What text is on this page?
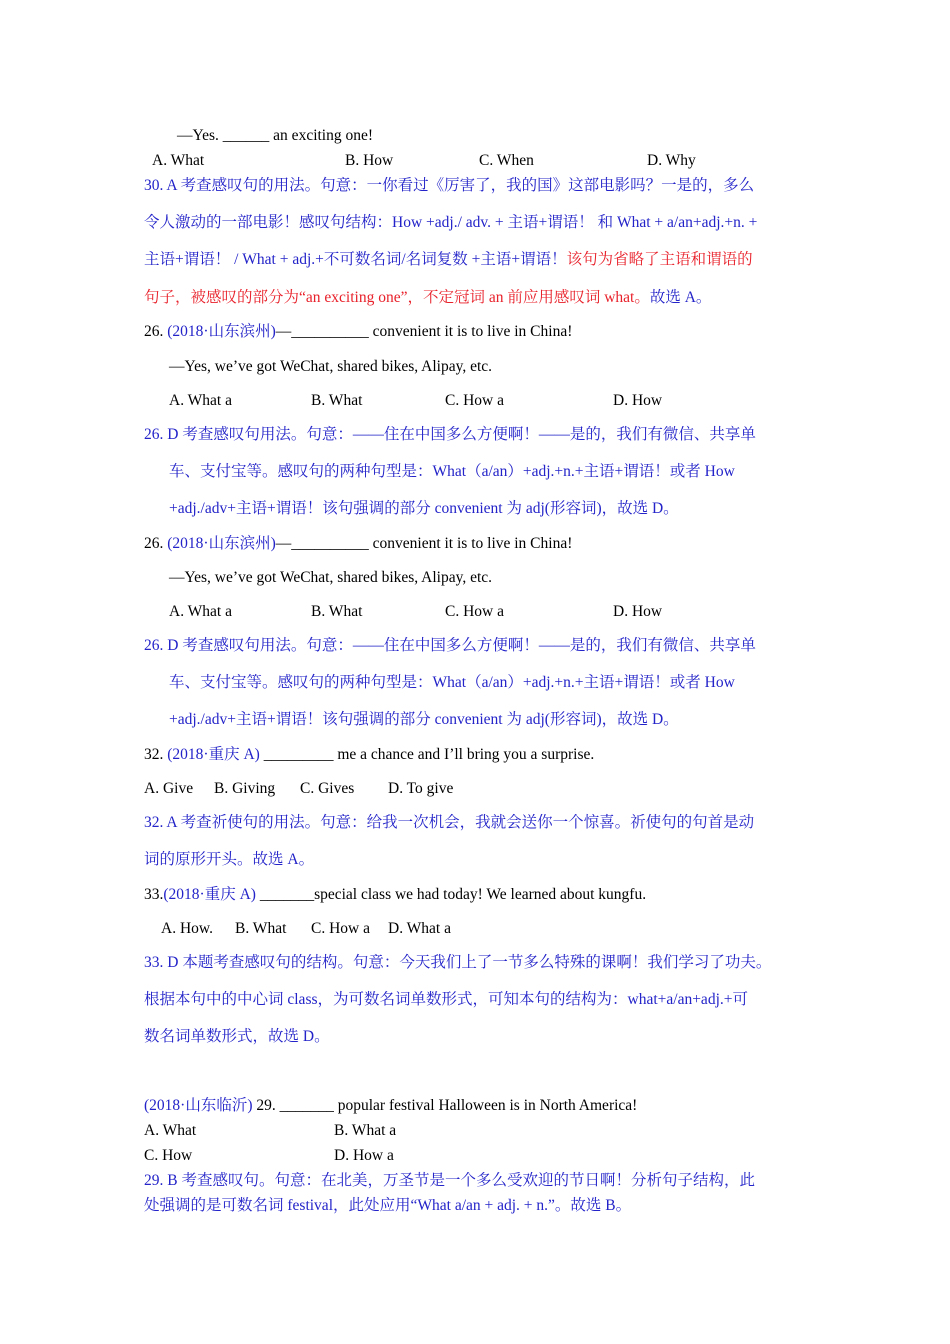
—Yes. ______ an exciting one!
A. What	B. How	C. When	D. Why
30. A 考查感叹句的用法。句意：一你看过《厉害了，我的国》这部电影吗？一是的，多么
令人激动的一部电影！感叹句结构：How +adj./ adv. + 主语+谓语！ 和 What + a/an+adj.+n. +
主语+谓语！ / What + adj.+不可数名词/名词复数 +主语+谓语！该句为省略了主语和谓语的
句子，被感叹的部分为“an exciting one”，不定冠词 an 前应用感叹词 what。故选 A。
26. (2018·山东滨州)—__________ convenient it is to live in China!
—Yes, we’ve got WeChat, shared bikes, Alipay, etc.
A. What a	B. What	C. How a	D. How
26. D 考查感叹句用法。句意：——住在中国多么方便啊！——是的，我们有微信、共享单
车、支付宝等。感叹句的两种句型是：What（a/an）+adj.+n.+主语+谓语！或者 How
+adj./adv+主语+谓语！该句强调的部分 convenient 为 adj(形容词)，故选 D。
26. (2018·山东滨州)—__________ convenient it is to live in China!
—Yes, we’ve got WeChat, shared bikes, Alipay, etc.
A. What a	B. What	C. How a	D. How
26. D 考查感叹句用法。句意：——住在中国多么方便啊！——是的，我们有微信、共享单
车、支付宝等。感叹句的两种句型是：What（a/an）+adj.+n.+主语+谓语！或者 How
+adj./adv+主语+谓语！该句强调的部分 convenient 为 adj(形容词)，故选 D。
32. (2018·重庆 A) _________ me a chance and I’ll bring you a surprise.
A. Give B. Giving C. Gives D. To give
32. A 考查祈使句的用法。句意：给我一次机会，我就会送你一个惊喜。祈使句的句首是动
词的原形开头。故选 A。
33.(2018·重庆 A) _______special class we had today! We learned about kungfu.
A. How. B. What C. How a D. What a
33. D 本题考查感叹句的结构。句意：今天我们上了一节多么特殊的课啊！我们学习了功夫。
根据本句中的中心词 class，为可数名词单数形式，可知本句的结构为：what+a/an+adj.+可
数名词单数形式，故选 D。
(2018·山东临沂) 29. _______ popular festival Halloween is in North America!
A. What	B. What a
C. How	D. How a
29. B 考查感叹句。句意：在北美，万圣节是一个多么受欢迎的节日啊！分析句子结构，此
处强调的是可数名词 festival，此处应用“What a/an + adj. + n.”。故选 B。
